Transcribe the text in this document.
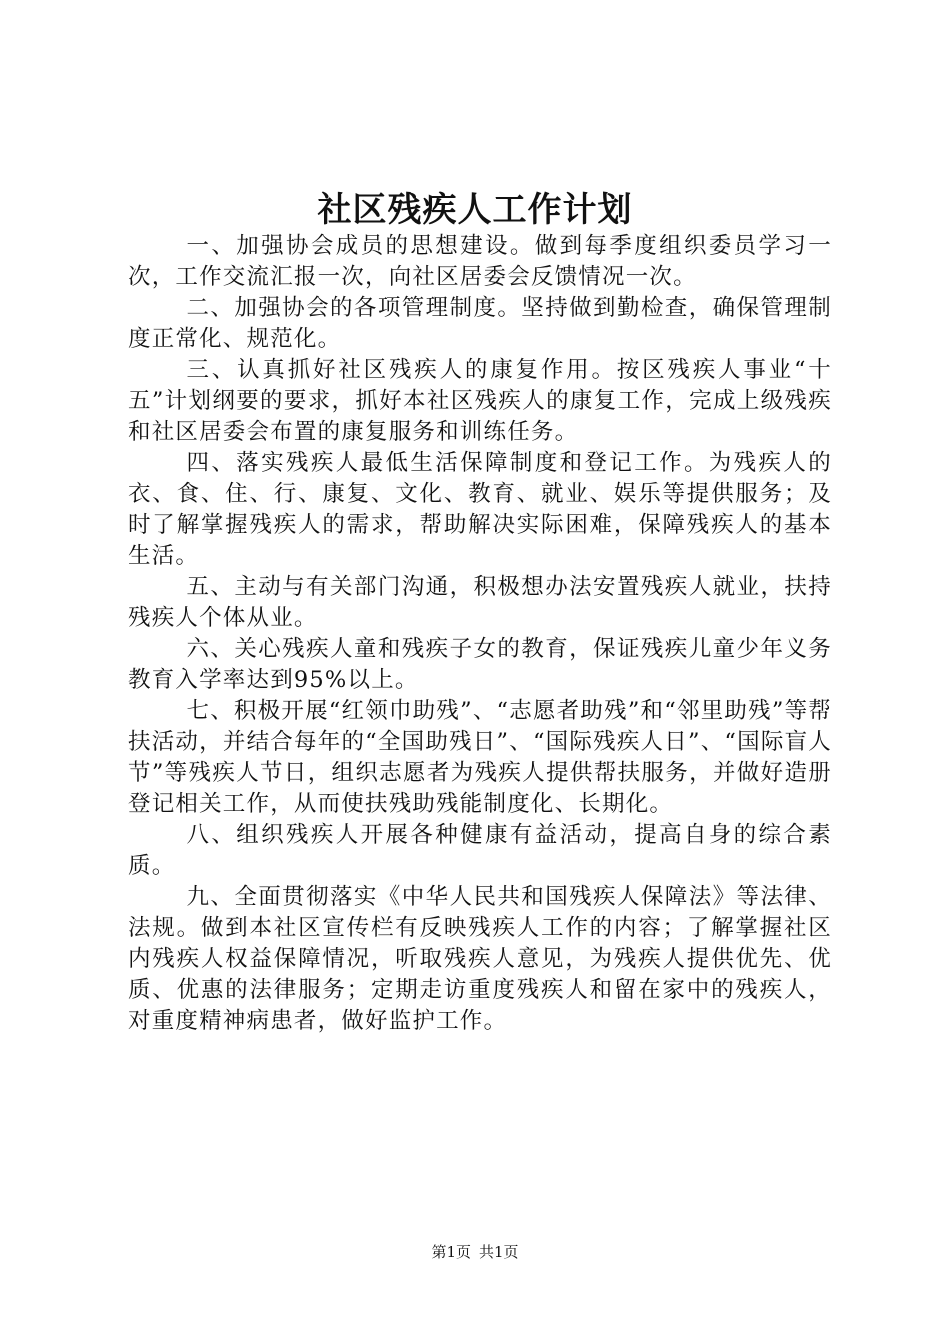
社区残疾人工作计划

一、加强协会成员的思想建设。做到每季度组织委员学习一次，工作交流汇报一次，向社区居委会反馈情况一次。

二、加强协会的各项管理制度。坚持做到勤检查，确保管理制度正常化、规范化。

三、认真抓好社区残疾人的康复作用。按区残疾人事业“十五”计划纲要的要求，抓好本社区残疾人的康复工作，完成上级残疾和社区居委会布置的康复服务和训练任务。

四、落实残疾人最低生活保障制度和登记工作。为残疾人的衣、食、住、行、康复、文化、教育、就业、娱乐等提供服务；及时了解掌握残疾人的需求，帮助解决实际困难，保障残疾人的基本生活。

五、主动与有关部门沟通，积极想办法安置残疾人就业，扶持残疾人个体从业。

六、关心残疾人童和残疾子女的教育，保证残疾儿童少年义务教育入学率达到95%以上。

七、积极开展“红领巾助残”、“志愿者助残”和“邻里助残”等帮扶活动，并结合每年的“全国助残日”、“国际残疾人日”、“国际盲人节”等残疾人节日，组织志愿者为残疾人提供帮扶服务，并做好造册登记相关工作，从而使扶残助残能制度化、长期化。

八、组织残疾人开展各种健康有益活动，提高自身的综合素质。

九、全面贯彻落实《中华人民共和国残疾人保障法》等法律、法规。做到本社区宣传栏有反映残疾人工作的内容；了解掌握社区内残疾人权益保障情况，听取残疾人意见，为残疾人提供优先、优质、优惠的法律服务；定期走访重度残疾人和留在家中的残疾人，对重度精神病患者，做好监护工作。

第1页 共1页
